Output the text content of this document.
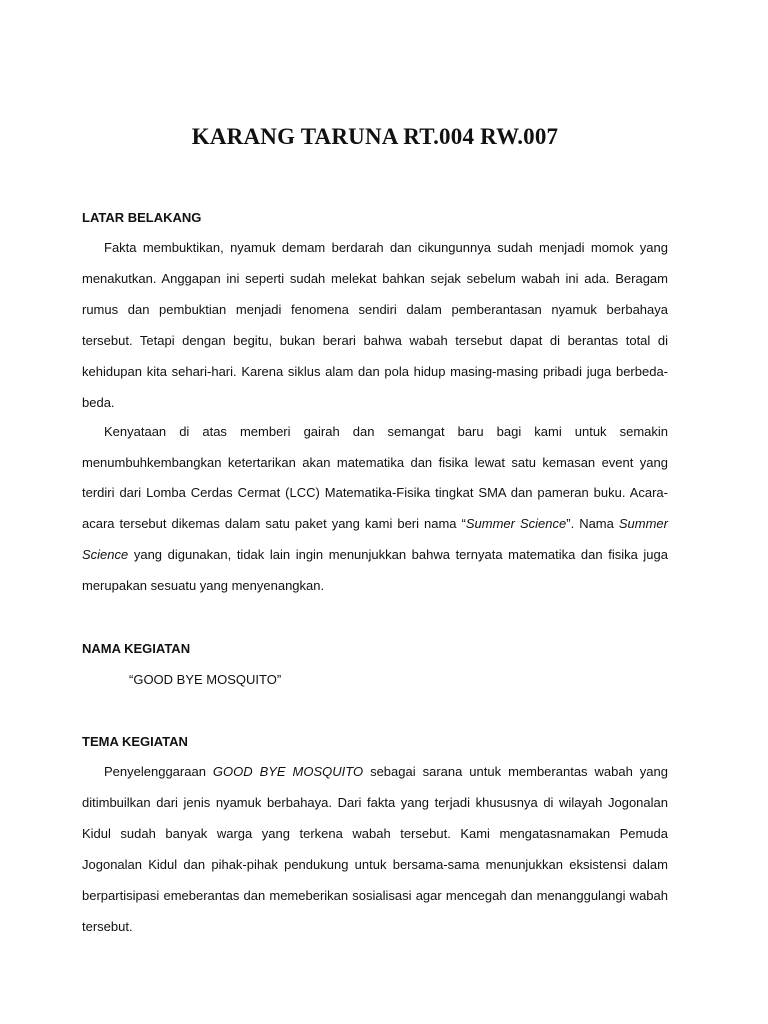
KARANG TARUNA RT.004 RW.007
LATAR BELAKANG

Fakta membuktikan, nyamuk demam berdarah dan cikungunnya sudah menjadi momok yang menakutkan. Anggapan ini seperti sudah melekat bahkan sejak sebelum wabah ini ada. Beragam rumus dan pembuktian menjadi fenomena sendiri dalam pemberantasan nyamuk berbahaya tersebut. Tetapi dengan begitu, bukan berari bahwa wabah tersebut dapat di berantas total di kehidupan kita sehari-hari. Karena siklus alam dan pola hidup masing-masing pribadi juga berbeda-beda.

Kenyataan di atas memberi gairah dan semangat baru bagi kami untuk semakin menumbuhkembangkan ketertarikan akan matematika dan fisika lewat satu kemasan event yang terdiri dari Lomba Cerdas Cermat (LCC) Matematika-Fisika tingkat SMA dan pameran buku. Acara-acara tersebut dikemas dalam satu paket yang kami beri nama “Summer Science”. Nama Summer Science yang digunakan, tidak lain ingin menunjukkan bahwa ternyata matematika dan fisika juga merupakan sesuatu yang menyenangkan.

NAMA KEGIATAN

“GOOD BYE MOSQUITO”

TEMA KEGIATAN

Penyelenggaraan GOOD BYE MOSQUITO sebagai sarana untuk memberantas wabah yang ditimbuilkan dari jenis nyamuk berbahaya. Dari fakta yang terjadi khususnya di wilayah Jogonalan Kidul sudah banyak warga yang terkena wabah tersebut. Kami mengatasnamakan Pemuda Jogonalan Kidul dan pihak-pihak pendukung untuk bersama-sama menunjukkan eksistensi dalam berpartisipasi emeberantas dan memeberikan sosialisasi agar mencegah dan menanggulangi wabah tersebut.
